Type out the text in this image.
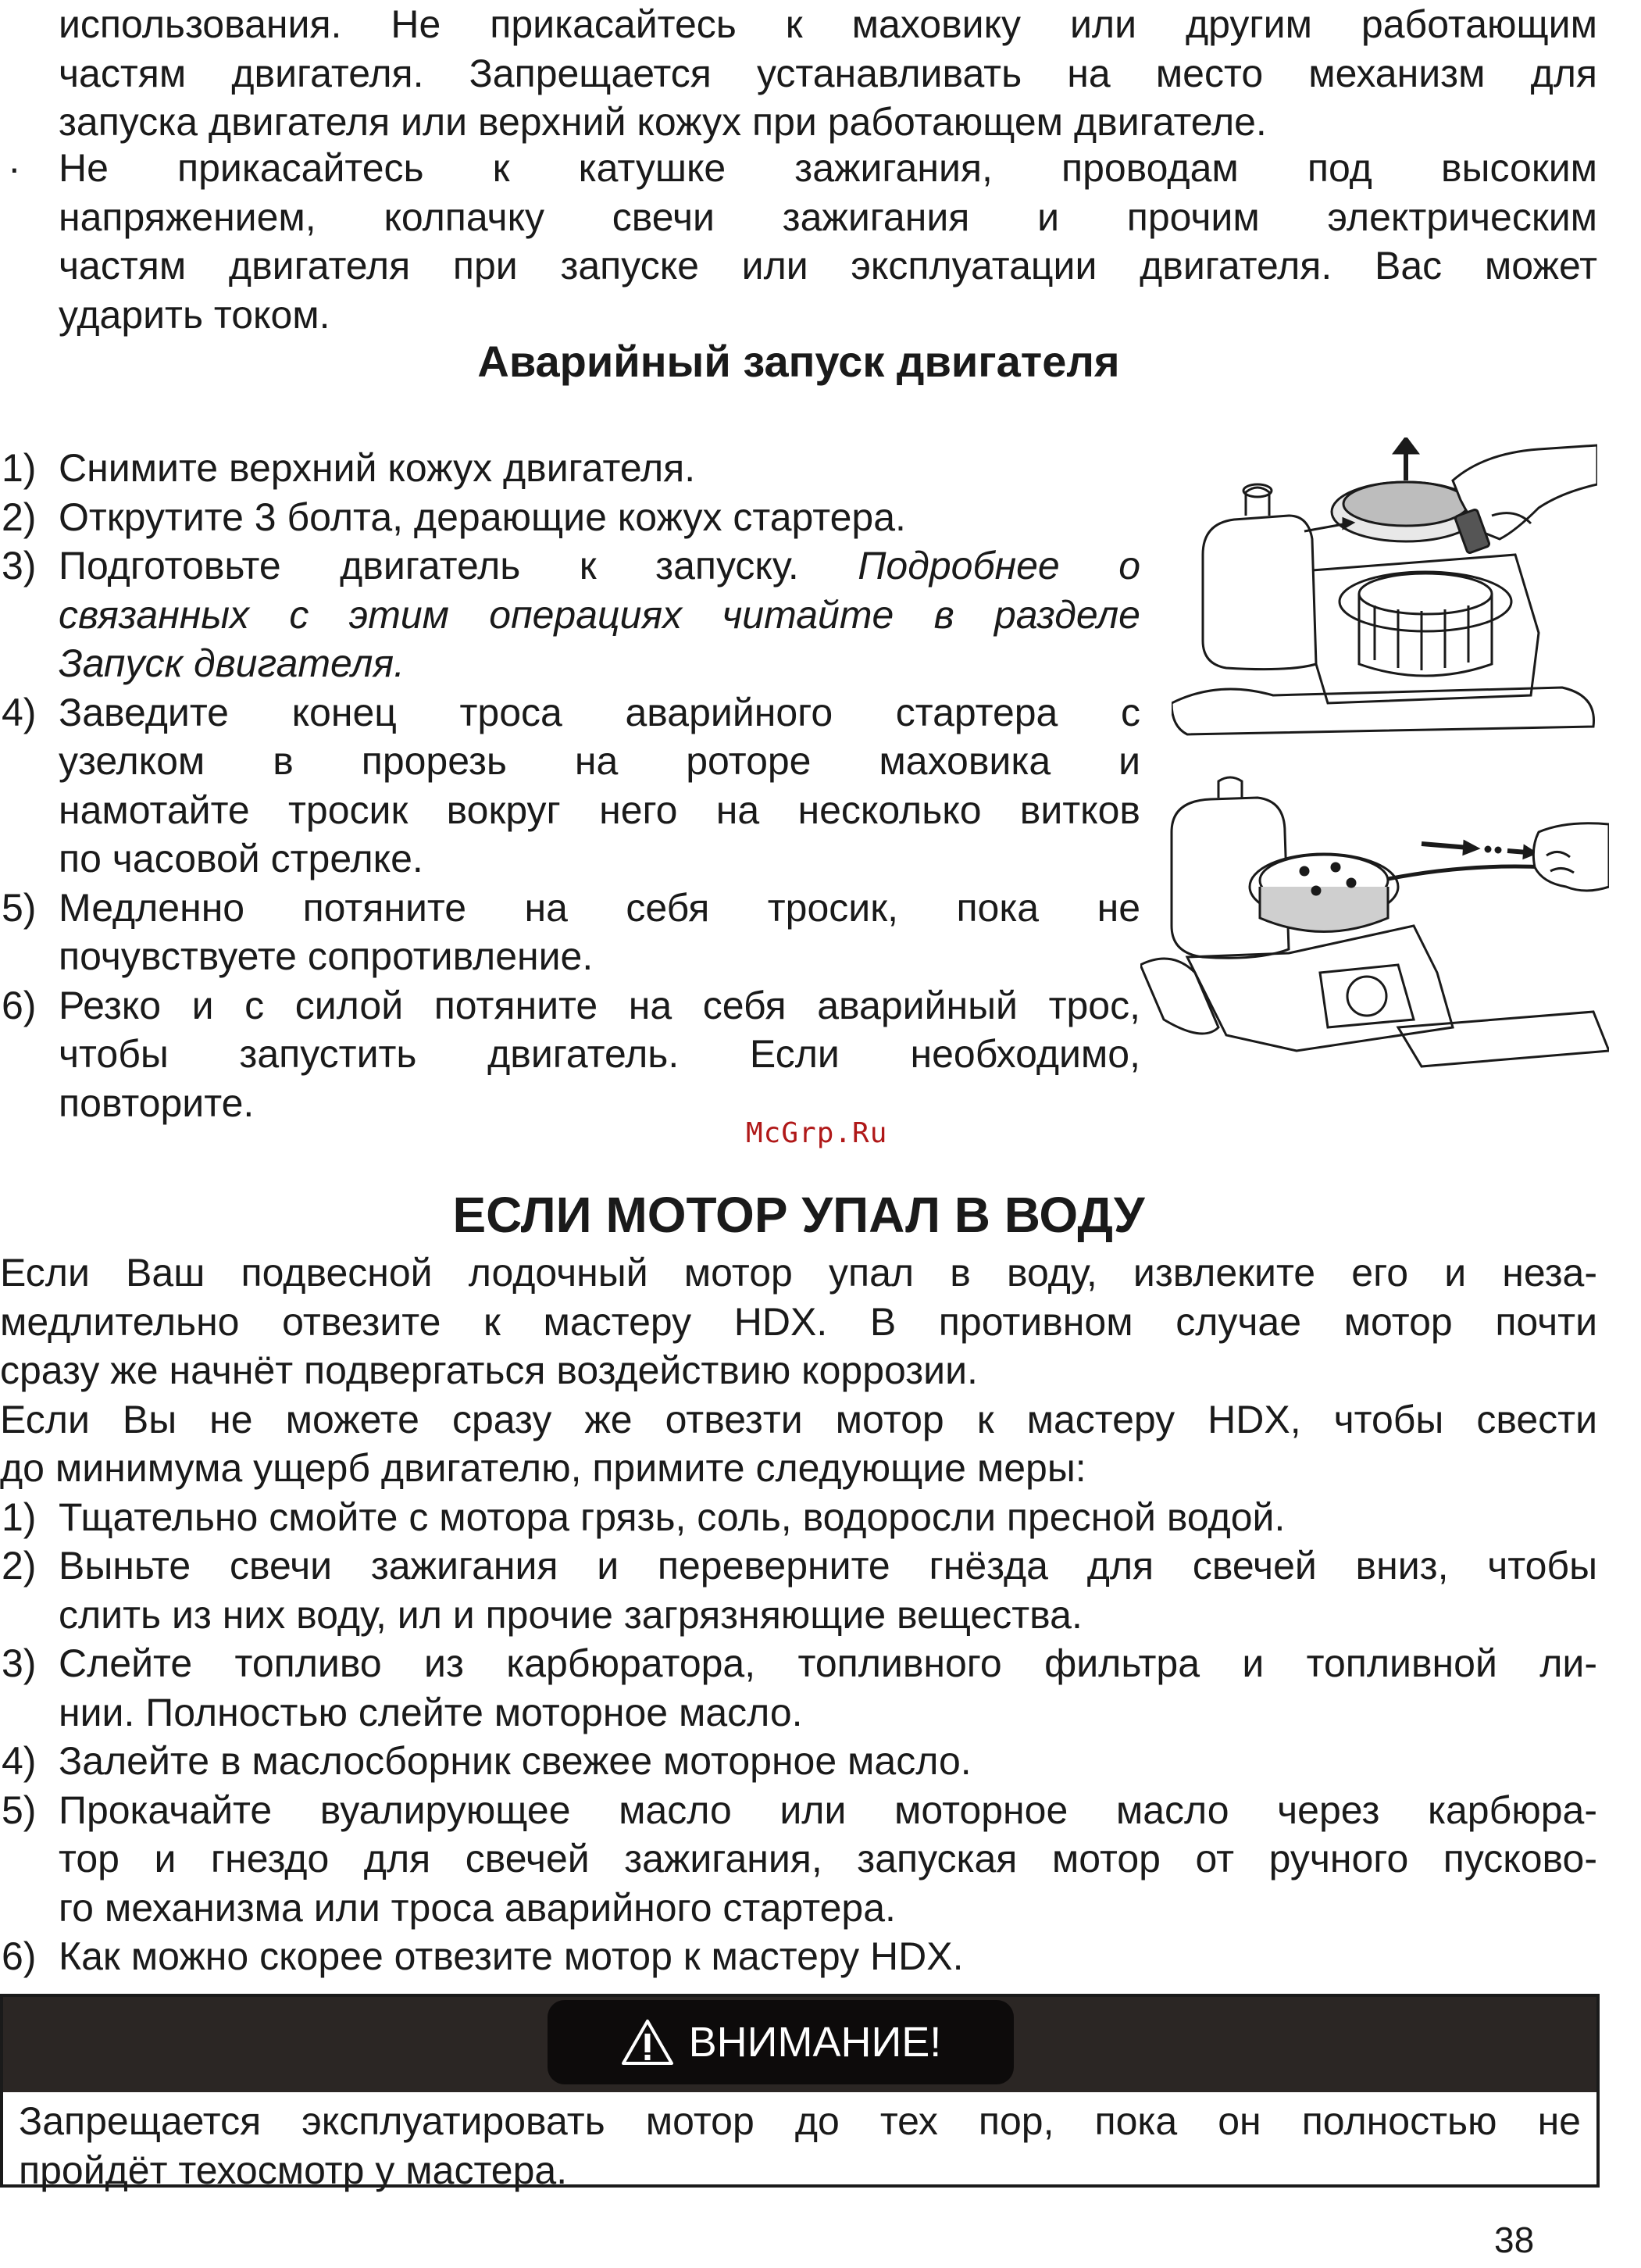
использования. Не прикасайтесь к маховику или другим работающим
частям двигателя. Запрещается устанавливать на место механизм для
запуска двигателя или верхний кожух при работающем двигателе.
· Не прикасайтесь к катушке зажигания, проводам под высоким
напряжением, колпачку свечи зажигания и прочим электрическим
частям двигателя при запуске или эксплуатации двигателя. Вас может
ударить током.
Аварийный запуск двигателя
1) Снимите верхний кожух двигателя.
2) Открутите 3 болта, дерающие кожух стартера.
3) Подготовьте двигатель к запуску. Подробнее о
связанных с этим операциях читайте в разделе
Запуск двигателя.
4) Заведите конец троса аварийного стартера с
узелком в прорезь на роторе маховика и
намотайте тросик вокруг него на несколько витков
по часовой стрелке.
5) Медленно потяните на себя тросик, пока не
почувствуете сопротивление.
6) Резко и с силой потяните на себя аварийный трос,
чтобы запустить двигатель. Если необходимо,
повторите.
McGrp.Ru
ЕСЛИ МОТОР УПАЛ В ВОДУ
Если Ваш подвесной лодочный мотор упал в воду, извлеките его и неза-
медлительно отвезите к мастеру HDX. В противном случае мотор почти
сразу же начнёт подвергаться воздействию коррозии.
Если Вы не можете сразу же отвезти мотор к мастеру HDX, чтобы свести
до минимума ущерб двигателю, примите следующие меры:
1) Тщательно смойте с мотора грязь, соль, водоросли пресной водой.
2) Выньте свечи зажигания и переверните гнёзда для свечей вниз, чтобы
слить из них воду, ил и прочие загрязняющие вещества.
3) Слейте топливо из карбюратора, топливного фильтра и топливной ли-
нии. Полностью слейте моторное масло.
4) Залейте в маслосборник свежее моторное масло.
5) Прокачайте вуалирующее масло или моторное масло через карбюра-
тор и гнездо для свечей зажигания, запуская мотор от ручного пусково-
го механизма или троса аварийного стартера.
6) Как можно скорее отвезите мотор к мастеру HDX.
ВНИМАНИЕ!
Запрещается эксплуатировать мотор до тех пор, пока он полностью не
пройдёт техосмотр у мастера.
38
